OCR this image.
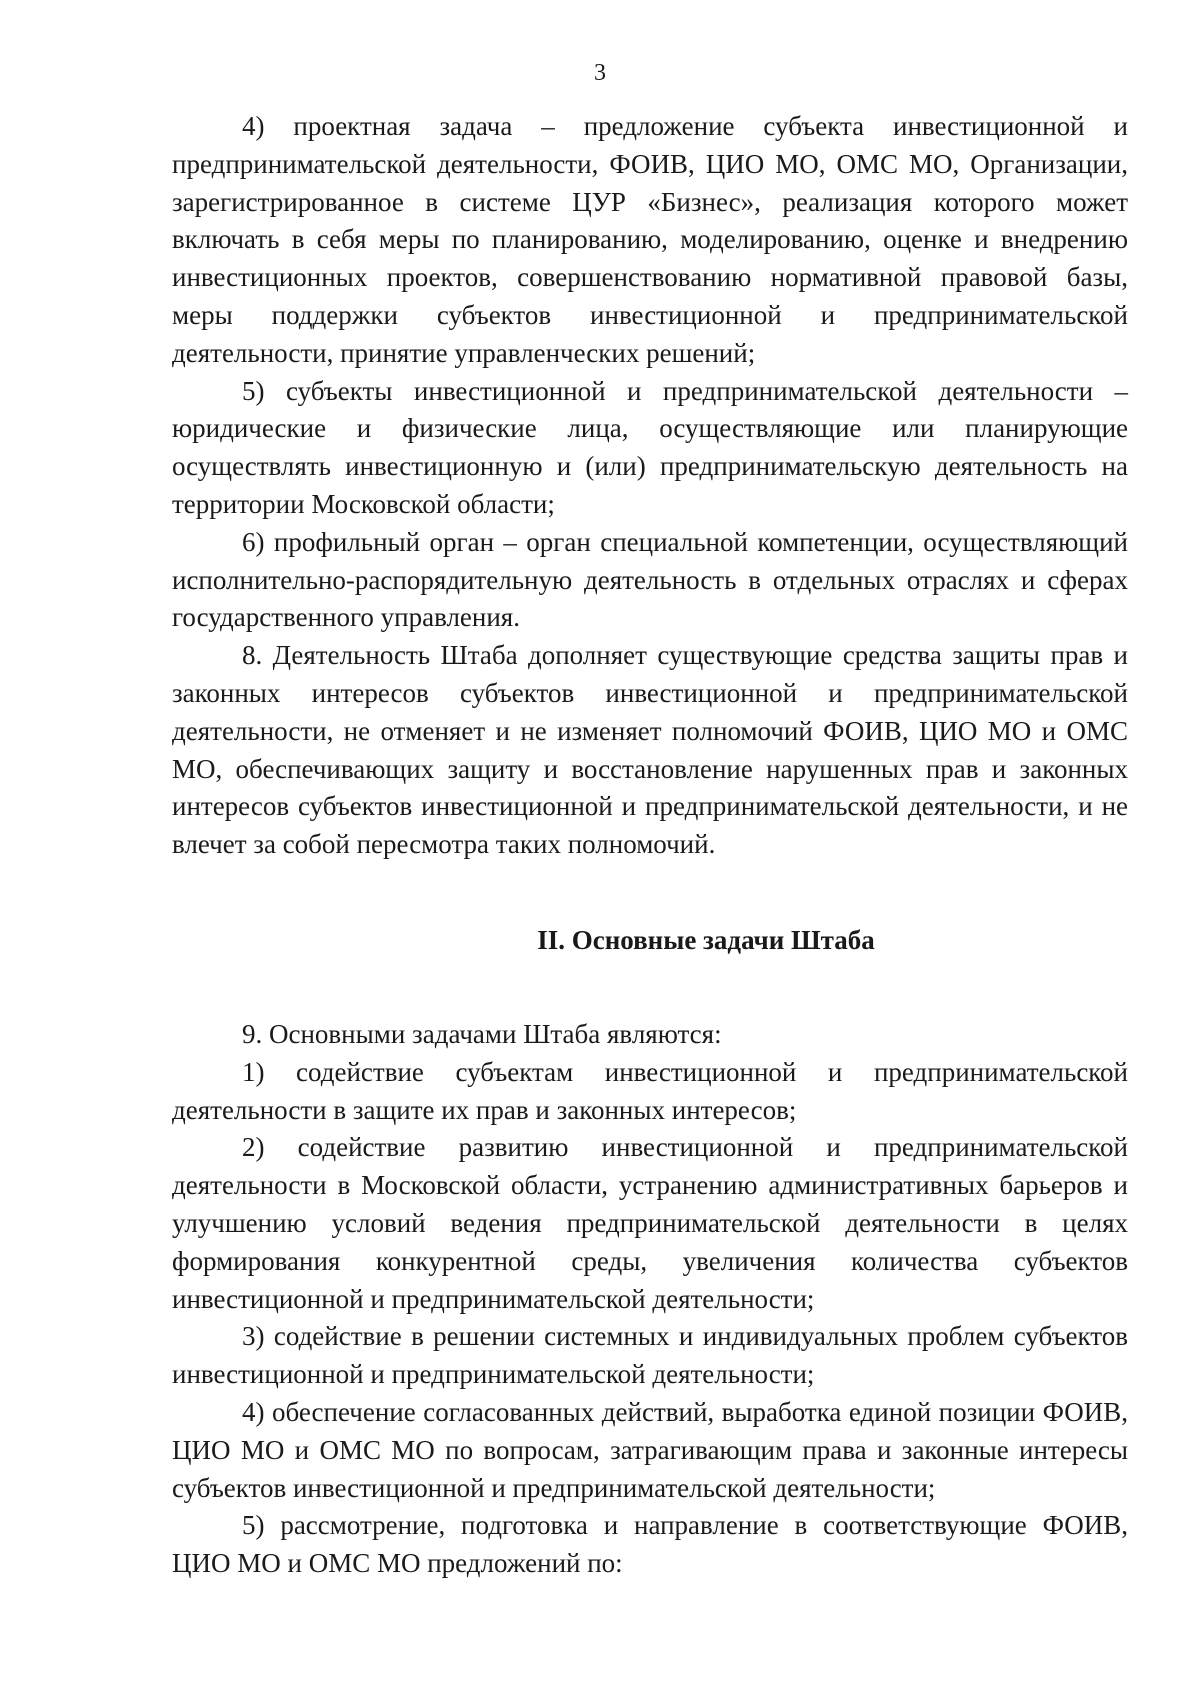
3

4) проектная задача – предложение субъекта инвестиционной и предпринимательской деятельности, ФОИВ, ЦИО МО, ОМС МО, Организации, зарегистрированное в системе ЦУР «Бизнес», реализация которого может включать в себя меры по планированию, моделированию, оценке и внедрению инвестиционных проектов, совершенствованию нормативной правовой базы, меры поддержки субъектов инвестиционной и предпринимательской деятельности, принятие управленческих решений;

5) субъекты инвестиционной и предпринимательской деятельности – юридические и физические лица, осуществляющие или планирующие осуществлять инвестиционную и (или) предпринимательскую деятельность на территории Московской области;

6) профильный орган – орган специальной компетенции, осуществляющий исполнительно-распорядительную деятельность в отдельных отраслях и сферах государственного управления.

8. Деятельность Штаба дополняет существующие средства защиты прав и законных интересов субъектов инвестиционной и предпринимательской деятельности, не отменяет и не изменяет полномочий ФОИВ, ЦИО МО и ОМС МО, обеспечивающих защиту и восстановление нарушенных прав и законных интересов субъектов инвестиционной и предпринимательской деятельности, и не влечет за собой пересмотра таких полномочий.

II. Основные задачи Штаба

9. Основными задачами Штаба являются:

1) содействие субъектам инвестиционной и предпринимательской деятельности в защите их прав и законных интересов;

2) содействие развитию инвестиционной и предпринимательской деятельности в Московской области, устранению административных барьеров и улучшению условий ведения предпринимательской деятельности в целях формирования конкурентной среды, увеличения количества субъектов инвестиционной и предпринимательской деятельности;

3) содействие в решении системных и индивидуальных проблем субъектов инвестиционной и предпринимательской деятельности;

4) обеспечение согласованных действий, выработка единой позиции ФОИВ, ЦИО МО и ОМС МО по вопросам, затрагивающим права и законные интересы субъектов инвестиционной и предпринимательской деятельности;

5) рассмотрение, подготовка и направление в соответствующие ФОИВ, ЦИО МО и ОМС МО предложений по:
